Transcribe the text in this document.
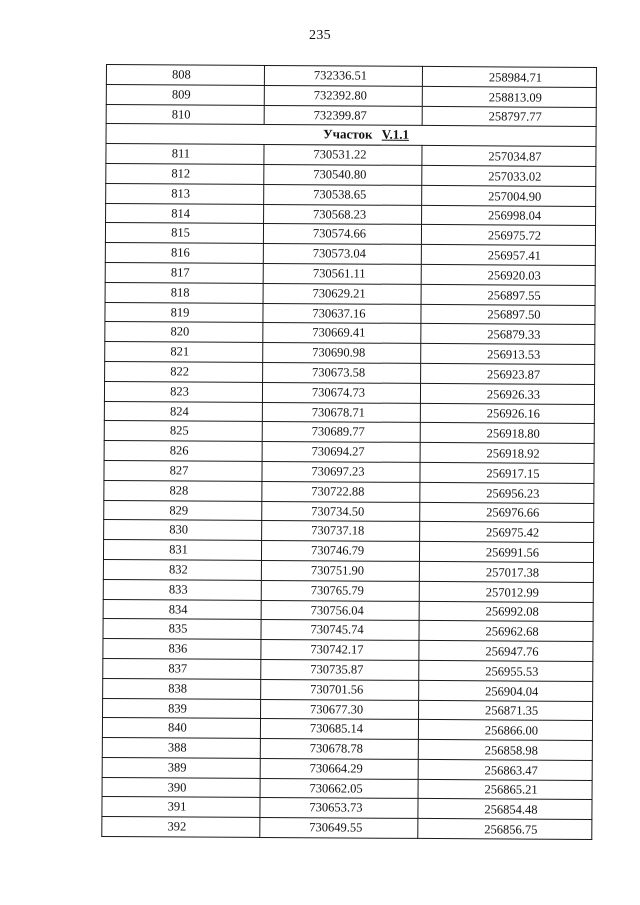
235
808	732336.51	258984.71
809	732392.80	258813.09
810	732399.87	258797.77
Участок V.1.1		
811	730531.22	257034.87
812	730540.80	257033.02
813	730538.65	257004.90
814	730568.23	256998.04
815	730574.66	256975.72
816	730573.04	256957.41
817	730561.11	256920.03
818	730629.21	256897.55
819	730637.16	256897.50
820	730669.41	256879.33
821	730690.98	256913.53
822	730673.58	256923.87
823	730674.73	256926.33
824	730678.71	256926.16
825	730689.77	256918.80
826	730694.27	256918.92
827	730697.23	256917.15
828	730722.88	256956.23
829	730734.50	256976.66
830	730737.18	256975.42
831	730746.79	256991.56
832	730751.90	257017.38
833	730765.79	257012.99
834	730756.04	256992.08
835	730745.74	256962.68
836	730742.17	256947.76
837	730735.87	256955.53
838	730701.56	256904.04
839	730677.30	256871.35
840	730685.14	256866.00
388	730678.78	256858.98
389	730664.29	256863.47
390	730662.05	256865.21
391	730653.73	256854.48
392	730649.55	256856.75
